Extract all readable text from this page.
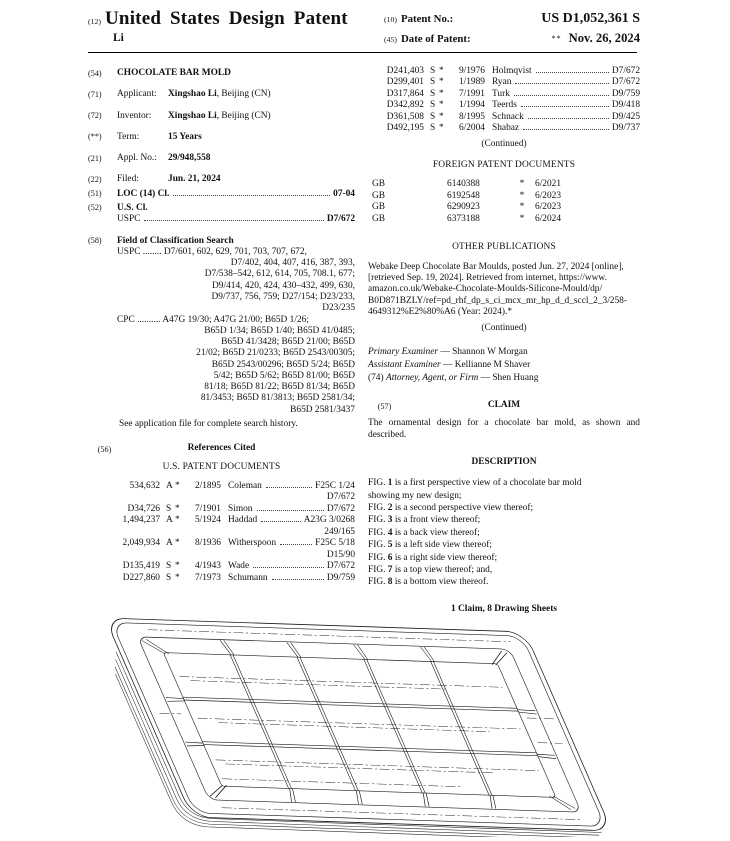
(12) United States Design Patent
Li
(10) Patent No.:	US D1,052,361 S
(45) Date of Patent:	** Nov. 26, 2024
(54)	CHOCOLATE BAR MOLD
(71)	Applicant: Xingshao Li, Beijing (CN)
(72)	Inventor: Xingshao Li, Beijing (CN)
(**)	Term:	15 Years
(21)	Appl. No.: 29/948,558
(22)	Filed:	Jun. 21, 2024
(51)	LOC (14) Cl.	07-04
(52)	U.S. Cl.
USPC	D7/672
(58)	Field of Classification Search
USPC ........ D7/601, 602, 629, 701, 703, 707, 672,
D7/402, 404, 407, 416, 387, 393,
D7/538–542, 612, 614, 705, 708.1, 677;
D9/414, 420, 424, 430–432, 499, 630,
D9/737, 756, 759; D27/154; D23/233,
D23/235
CPC .......... A47G 19/30; A47G 21/00; B65D 1/26;
B65D 1/34; B65D 1/40; B65D 41/0485;
B65D 41/3428; B65D 21/00; B65D
21/02; B65D 21/0233; B65D 2543/00305;
B65D 2543/00296; B65D 5/24; B65D
5/42; B65D 5/62; B65D 81/00; B65D
81/18; B65D 81/22; B65D 81/34; B65D
81/3453; B65D 81/3813; B65D 2581/34;
B65D 2581/3437
See application file for complete search history.
(56)	References Cited
U.S. PATENT DOCUMENTS
534,632 A *	2/1895 Coleman	F25C 1/24
D7/672
D34,726 S *	7/1901 Simon	D7/672
1,494,237 A *	5/1924 Haddad	A23G 3/0268
249/165
2,049,934 A *	8/1936 Witherspoon	F25C 5/18
D15/90
D135,419 S *	4/1943 Wade	D7/672
D227,860 S *	7/1973 Schumann	D9/759
D241,403 S *	9/1976 Holmqvist	D7/672
D299,401 S *	1/1989 Ryan	D7/672
D317,864 S *	7/1991 Turk	D9/759
D342,892 S *	1/1994 Teerds	D9/418
D361,508 S *	8/1995 Schnack	D9/425
D492,195 S *	6/2004 Shabaz	D9/737
(Continued)
FOREIGN PATENT DOCUMENTS
GB	6140388	*	6/2021
GB	6192548	*	6/2023
GB	6290923	*	6/2023
GB	6373188	*	6/2024
OTHER PUBLICATIONS

Webake Deep Chocolate Bar Moulds, posted Jun. 27, 2024 [online],

[retrieved Sep. 19, 2024]. Retrieved from internet, https://www.

amazon.co.uk/Webake-Chocolate-Moulds-Silicone-Mould/dp/

B0D871BZLY/ref=pd_rhf_dp_s_ci_mcx_mr_hp_d_d_sccl_2_3/258-

4649312%E2%80%A6 (Year: 2024).*

(Continued)
Primary Examiner — Shannon W Morgan
Assistant Examiner — Kellianne M Shaver
(74) Attorney, Agent, or Firm — Shen Huang
(57)	CLAIM
The ornamental design for a chocolate bar mold, as shown and described.
DESCRIPTION
FIG. 1 is a first perspective view of a chocolate bar mold
showing my new design;
FIG. 2 is a second perspective view thereof;
FIG. 3 is a front view thereof;
FIG. 4 is a back view thereof;
FIG. 5 is a left side view thereof;
FIG. 6 is a right side view thereof;
FIG. 7 is a top view thereof; and,
FIG. 8 is a bottom view thereof.
1 Claim, 8 Drawing Sheets
